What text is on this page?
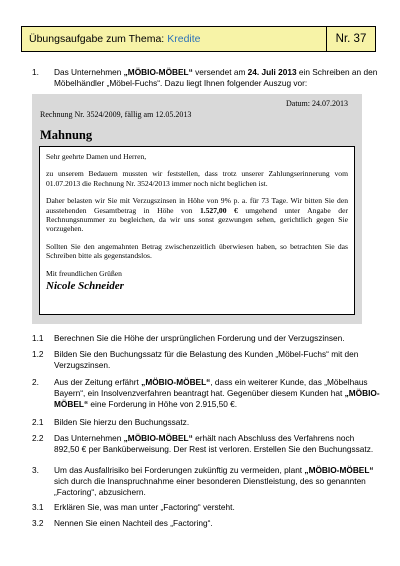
Übungsaufgabe zum Thema: Kredite	Nr. 37
1. Das Unternehmen „MÖBIO-MÖBEL“ versendet am 24. Juli 2013 ein Schreiben an den Möbelhändler „Möbel-Fuchs“. Dazu liegt Ihnen folgender Auszug vor:
Datum: 24.07.2013
Rechnung Nr. 3524/2009, fällig am 12.05.2013
Mahnung

Sehr geehrte Damen und Herren,

zu unserem Bedauern mussten wir feststellen, dass trotz unserer Zahlungserinnerung vom 01.07.2013 die Rechnung Nr. 3524/2013 immer noch nicht beglichen ist.

Daher belasten wir Sie mit Verzugszinsen in Höhe von 9% p. a. für 73 Tage. Wir bitten Sie den ausstehenden Gesamtbetrag in Höhe von 1.527,00 € umgehend unter Angabe der Rechnungsnummer zu begleichen, da wir uns sonst gezwungen sehen, gerichtlich gegen Sie vorzugehen.

Sollten Sie den angemahnten Betrag zwischenzeitlich überwiesen haben, so betrachten Sie das Schreiben bitte als gegenstandslos.

Mit freundlichen Grüßen

Nicole Schneider
1.1 Berechnen Sie die Höhe der ursprünglichen Forderung und der Verzugszinsen.
1.2 Bilden Sie den Buchungssatz für die Belastung des Kunden „Möbel-Fuchs“ mit den Verzugszinsen.
2. Aus der Zeitung erfährt „MÖBIO-MÖBEL“, dass ein weiterer Kunde, das „Möbelhaus Bayern“, ein Insolvenzverfahren beantragt hat. Gegenüber diesem Kunden hat „MÖBIO-MÖBEL“ eine Forderung in Höhe von 2.915,50 €.
2.1 Bilden Sie hierzu den Buchungssatz.
2.2 Das Unternehmen „MÖBIO-MÖBEL“ erhält nach Abschluss des Verfahrens noch 892,50 € per Banküberweisung. Der Rest ist verloren. Erstellen Sie den Buchungssatz.
3. Um das Ausfallrisiko bei Forderungen zukünftig zu vermeiden, plant „MÖBIO-MÖBEL“ sich durch die Inanspruchnahme einer besonderen Dienstleistung, des so genannten „Factoring“, abzusichern.
3.1 Erklären Sie, was man unter „Factoring“ versteht.
3.2 Nennen Sie einen Nachteil des „Factoring“.
